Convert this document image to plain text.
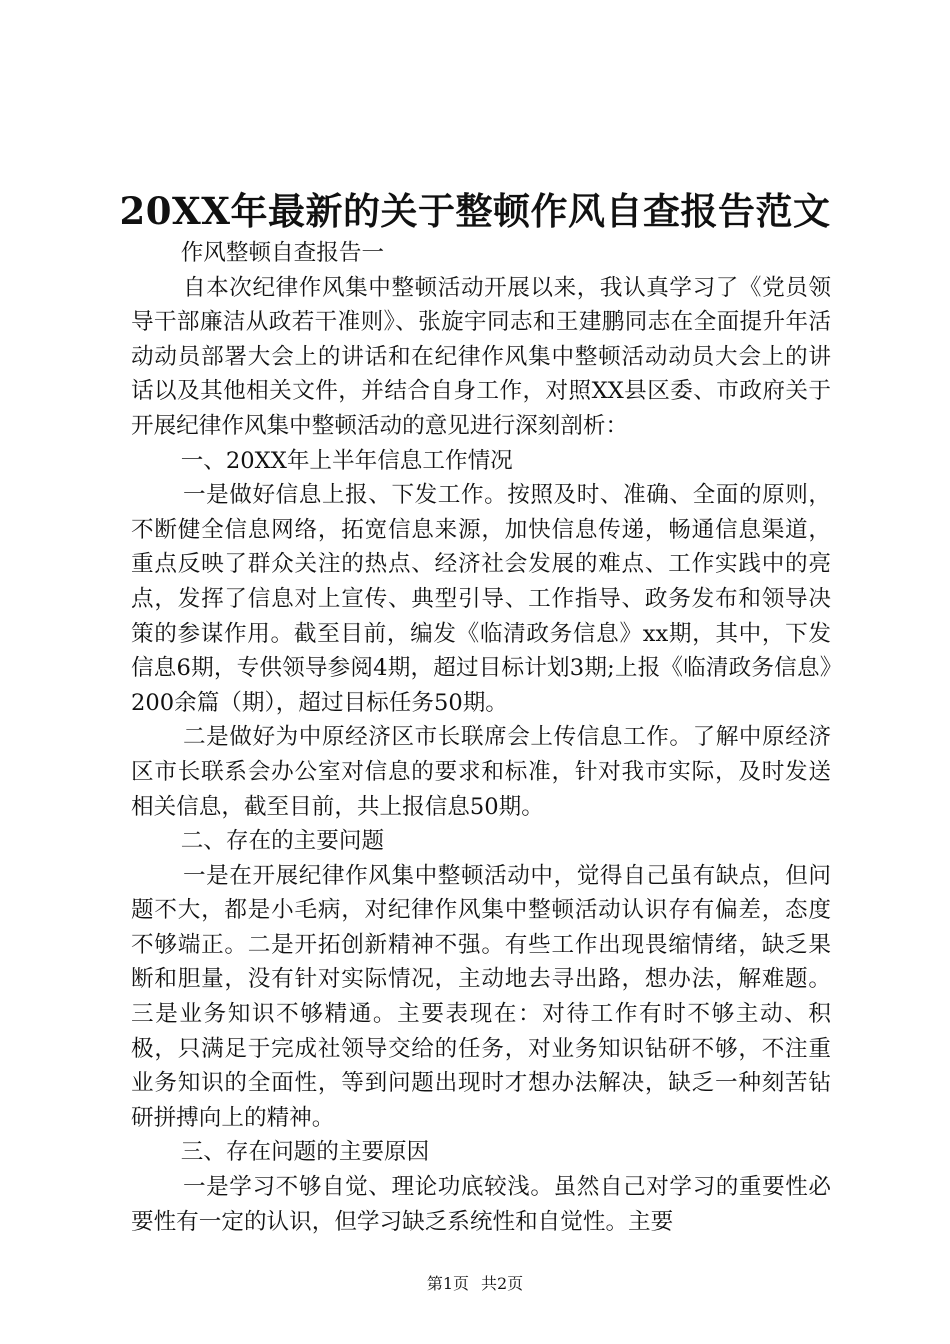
20XX年最新的关于整顿作风自查报告范文

作风整顿自查报告一

自本次纪律作风集中整顿活动开展以来，我认真学习了《党员领导干部廉洁从政若干准则》、张旋宇同志和王建鹏同志在全面提升年活动动员部署大会上的讲话和在纪律作风集中整顿活动动员大会上的讲话以及其他相关文件，并结合自身工作，对照XX县区委、市政府关于开展纪律作风集中整顿活动的意见进行深刻剖析：

一、20XX年上半年信息工作情况

一是做好信息上报、下发工作。按照及时、准确、全面的原则，不断健全信息网络，拓宽信息来源，加快信息传递，畅通信息渠道，重点反映了群众关注的热点、经济社会发展的难点、工作实践中的亮点，发挥了信息对上宣传、典型引导、工作指导、政务发布和领导决策的参谋作用。截至目前，编发《临清政务信息》xx期，其中，下发信息6期，专供领导参阅4期，超过目标计划3期;上报《临清政务信息》200余篇（期），超过目标任务50期。

二是做好为中原经济区市长联席会上传信息工作。了解中原经济区市长联系会办公室对信息的要求和标准，针对我市实际，及时发送相关信息，截至目前，共上报信息50期。

二、存在的主要问题

一是在开展纪律作风集中整顿活动中，觉得自己虽有缺点，但问题不大，都是小毛病，对纪律作风集中整顿活动认识存有偏差，态度不够端正。二是开拓创新精神不强。有些工作出现畏缩情绪，缺乏果断和胆量，没有针对实际情况，主动地去寻出路，想办法，解难题。三是业务知识不够精通。主要表现在：对待工作有时不够主动、积极，只满足于完成社领导交给的任务，对业务知识钻研不够，不注重业务知识的全面性，等到问题出现时才想办法解决，缺乏一种刻苦钻研拼搏向上的精神。

三、存在问题的主要原因

一是学习不够自觉、理论功底较浅。虽然自己对学习的重要性必要性有一定的认识，但学习缺乏系统性和自觉性。主要

第1页 共2页
